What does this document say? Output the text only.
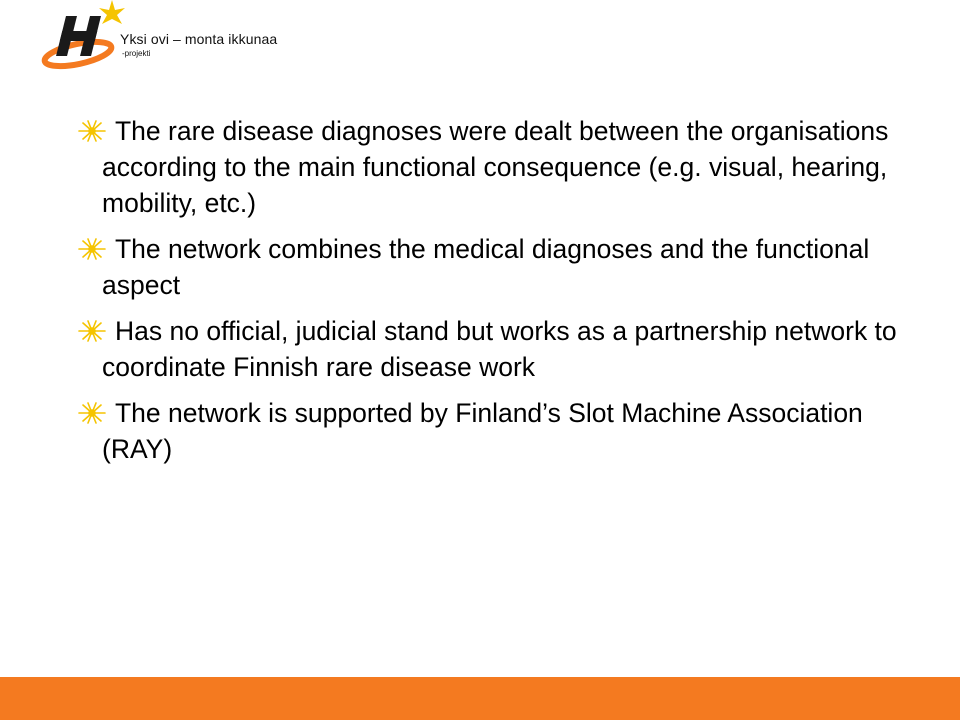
Yksi ovi – monta ikkunaa
-projekti
The rare disease diagnoses were dealt between the organisations according to the main functional consequence (e.g. visual, hearing, mobility, etc.)
The network combines the medical diagnoses and the functional aspect
Has no official, judicial stand but works as a partnership network to coordinate Finnish rare disease work
The network is supported by Finland’s Slot Machine Association (RAY)
